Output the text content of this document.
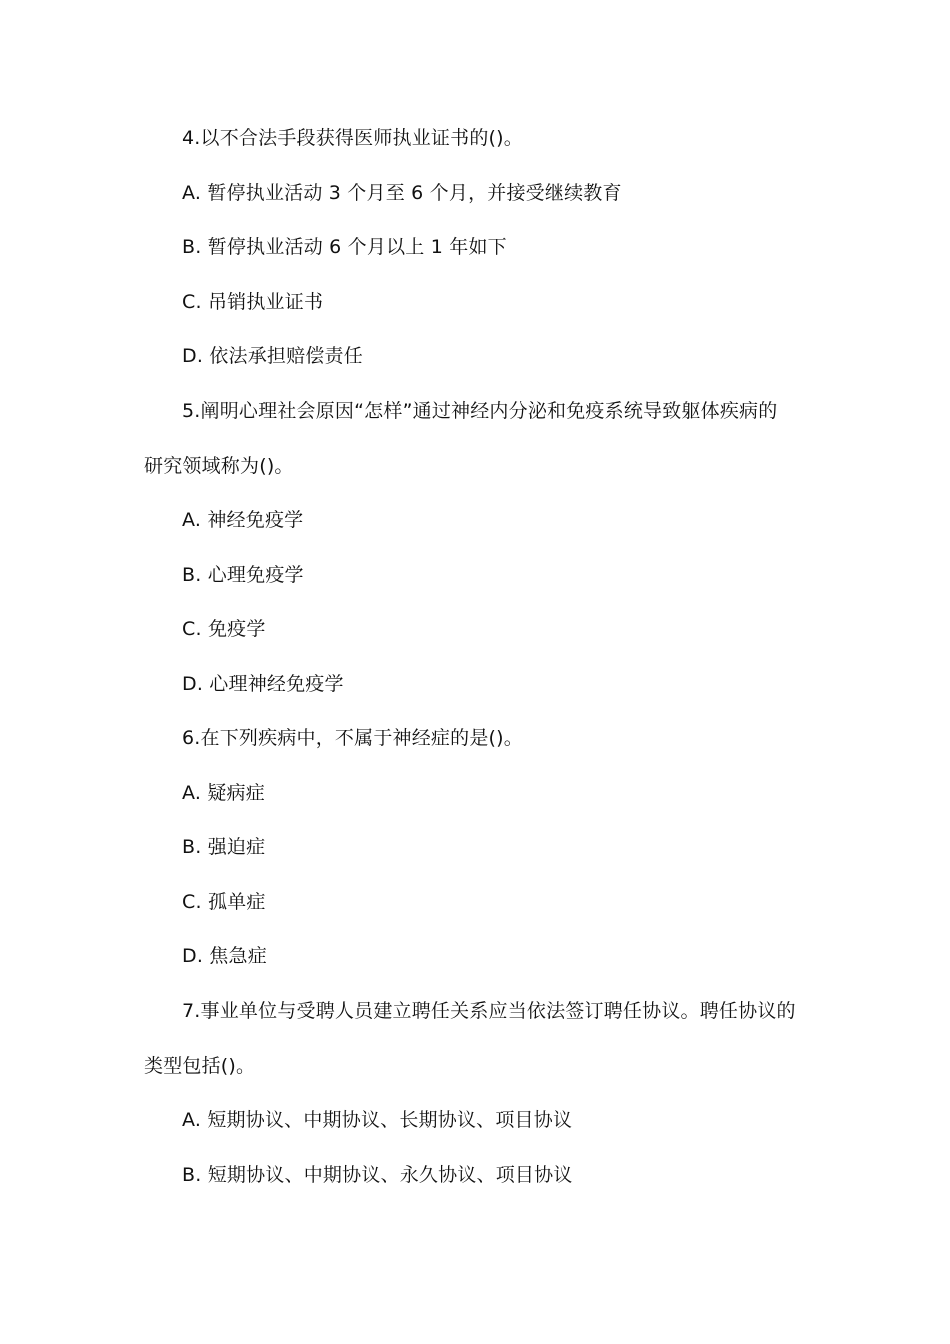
4.以不合法手段获得医师执业证书的()。
A. 暂停执业活动 3 个月至 6 个月，并接受继续教育
B. 暂停执业活动 6 个月以上 1 年如下
C. 吊销执业证书
D. 依法承担赔偿责任
5.阐明心理社会原因“怎样”通过神经内分泌和免疫系统导致躯体疾病的
研究领域称为()。
A. 神经免疫学
B. 心理免疫学
C. 免疫学
D. 心理神经免疫学
6.在下列疾病中，不属于神经症的是()。
A. 疑病症
B. 强迫症
C. 孤单症
D. 焦急症
7.事业单位与受聘人员建立聘任关系应当依法签订聘任协议。聘任协议的
类型包括()。
A. 短期协议、中期协议、长期协议、项目协议
B. 短期协议、中期协议、永久协议、项目协议
